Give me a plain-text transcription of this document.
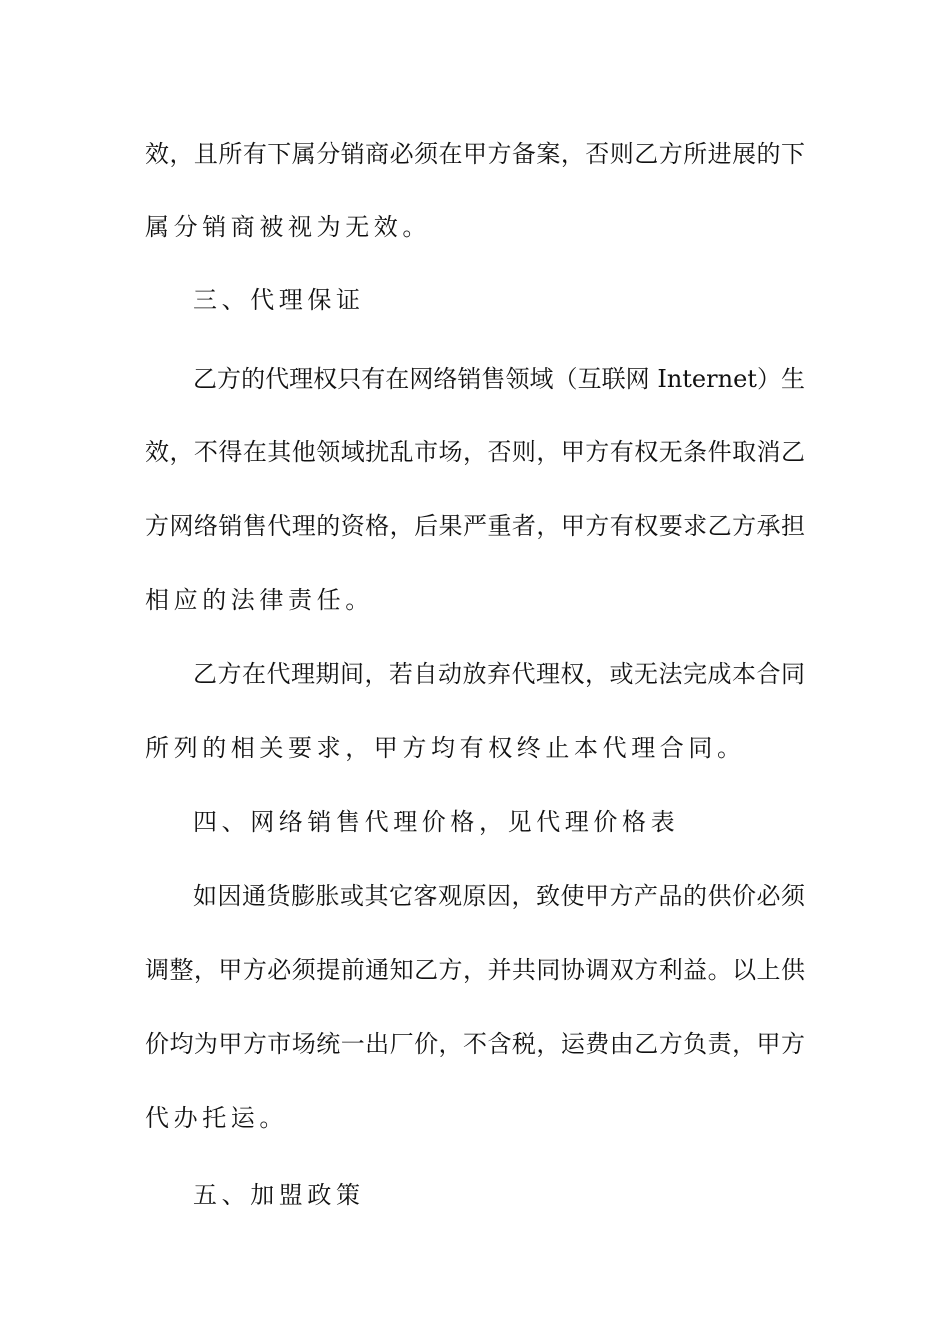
效，且所有下属分销商必须在甲方备案，否则乙方所进展的下
属分销商被视为无效。
三、代理保证
乙方的代理权只有在网络销售领域（互联网 Internet）生
效，不得在其他领域扰乱市场，否则，甲方有权无条件取消乙
方网络销售代理的资格，后果严重者，甲方有权要求乙方承担
相应的法律责任。
乙方在代理期间，若自动放弃代理权，或无法完成本合同
所列的相关要求，甲方均有权终止本代理合同。
四、网络销售代理价格，见代理价格表
如因通货膨胀或其它客观原因，致使甲方产品的供价必须
调整，甲方必须提前通知乙方，并共同协调双方利益。以上供
价均为甲方市场统一出厂价，不含税，运费由乙方负责，甲方
代办托运。
五、加盟政策
